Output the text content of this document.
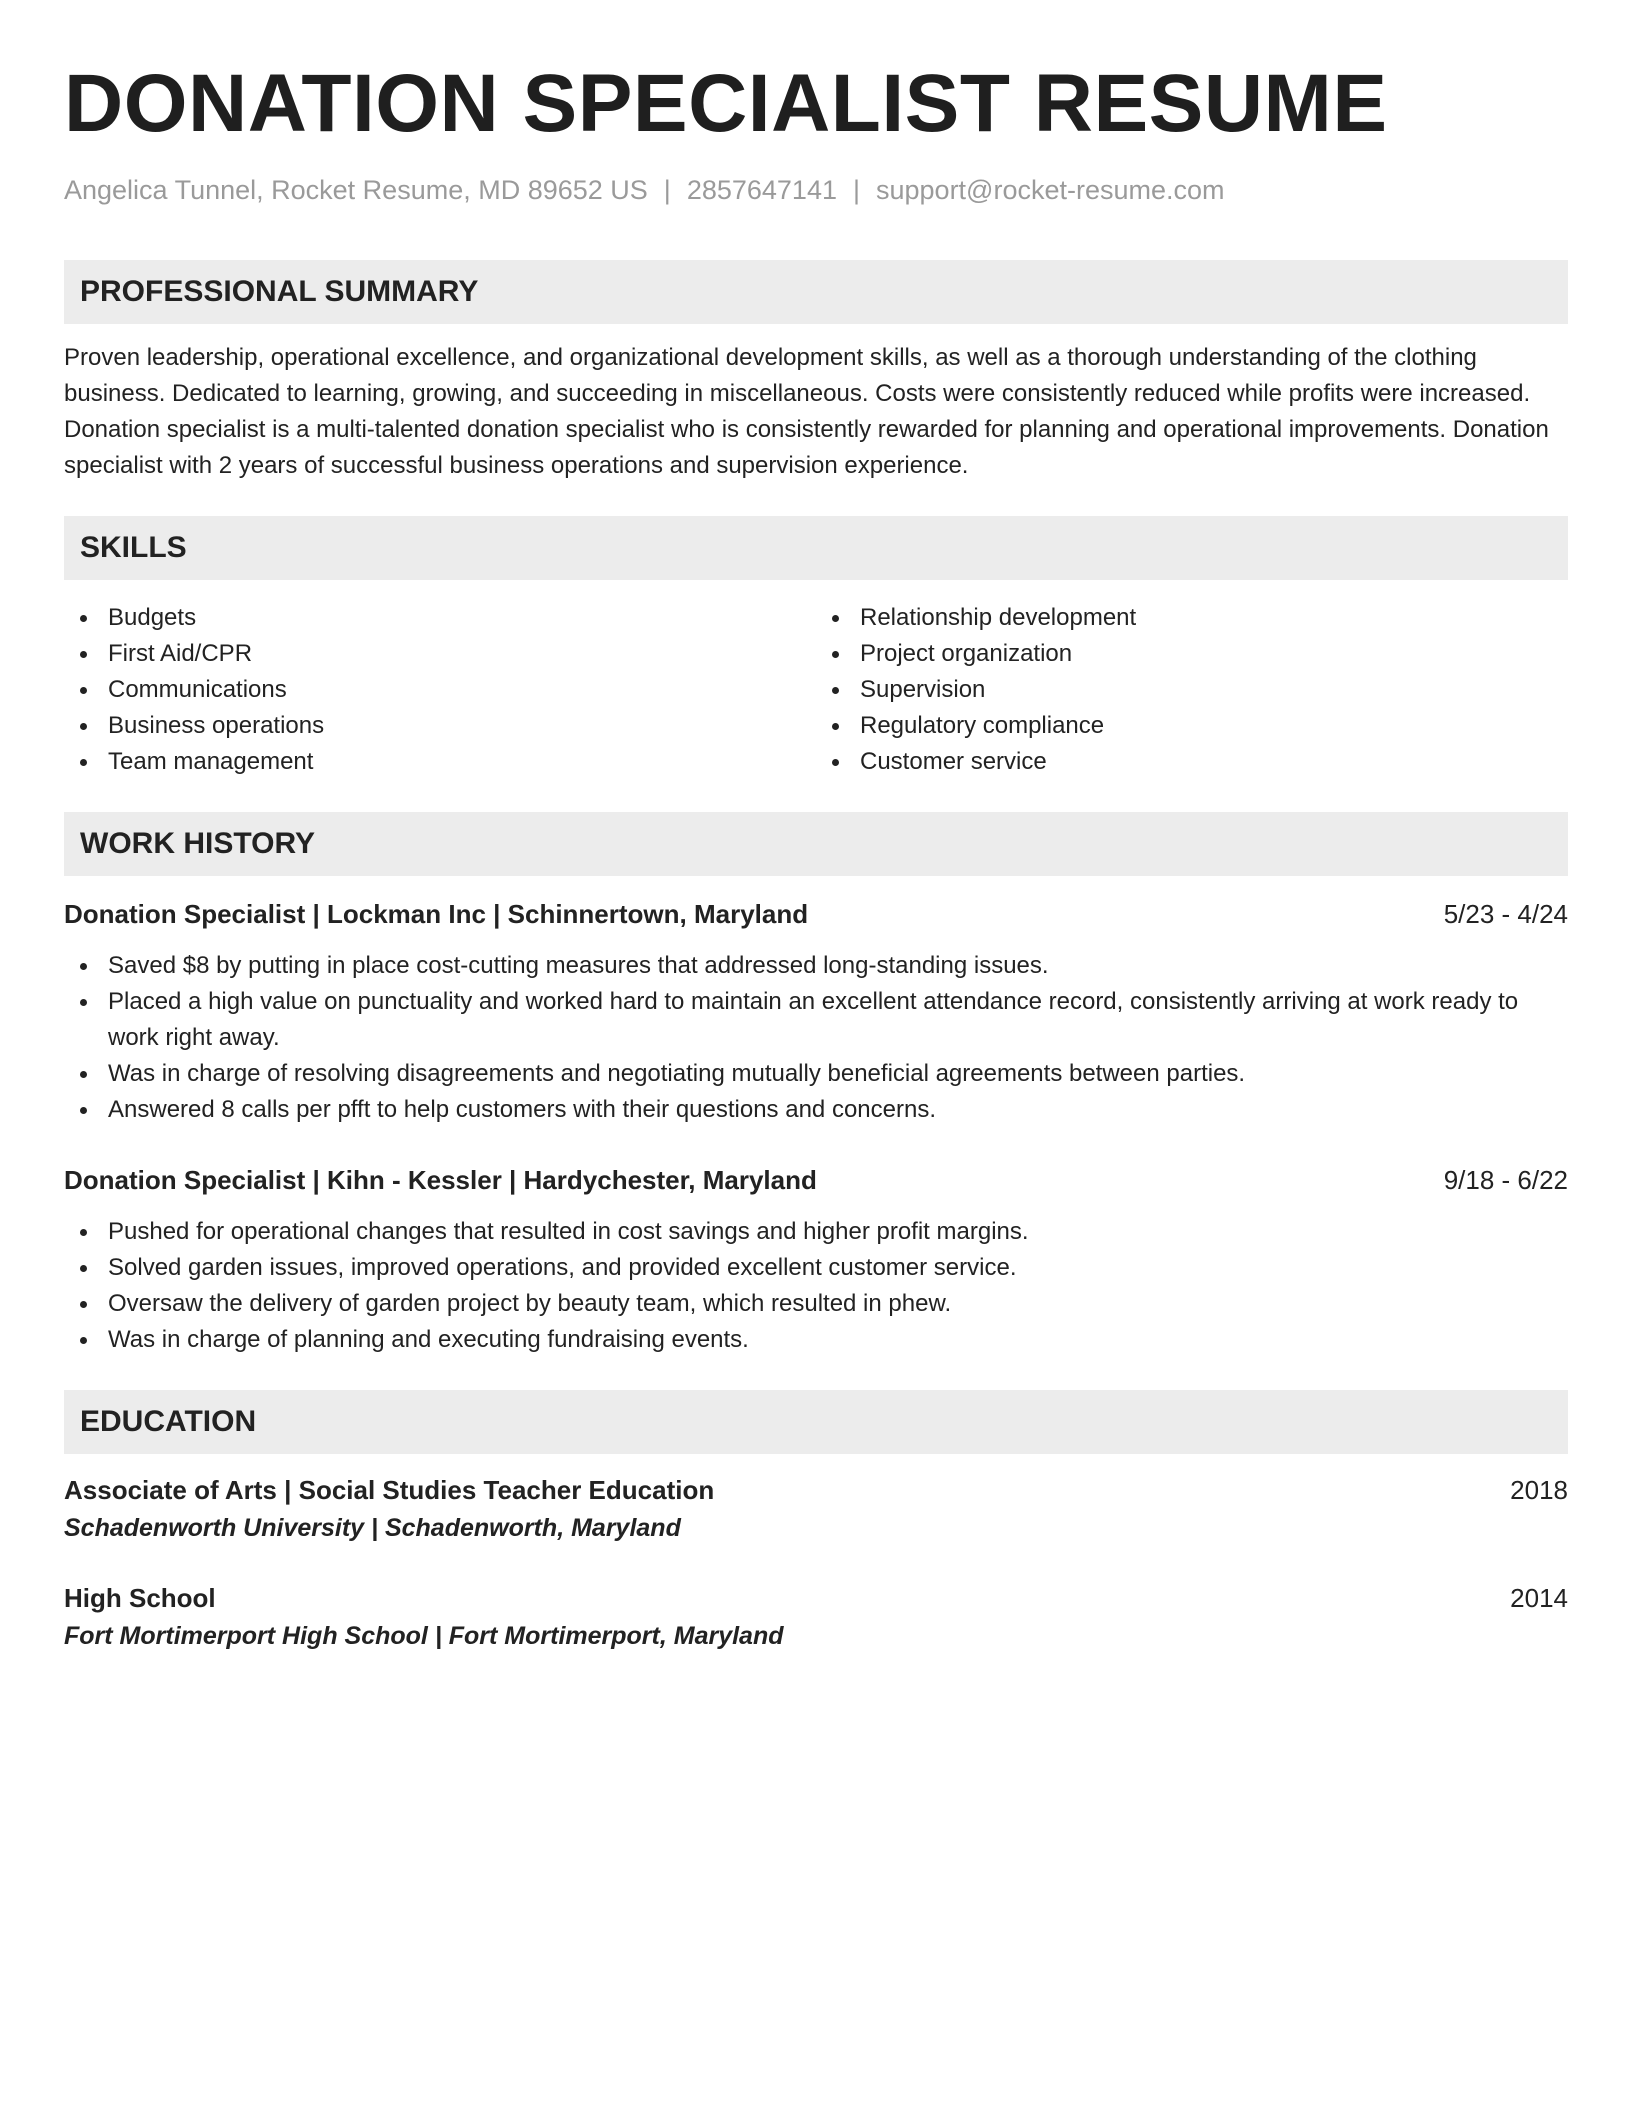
DONATION SPECIALIST RESUME
Angelica Tunnel, Rocket Resume, MD 89652 US | 2857647141 | support@rocket-resume.com
PROFESSIONAL SUMMARY
Proven leadership, operational excellence, and organizational development skills, as well as a thorough understanding of the clothing business. Dedicated to learning, growing, and succeeding in miscellaneous. Costs were consistently reduced while profits were increased. Donation specialist is a multi-talented donation specialist who is consistently rewarded for planning and operational improvements. Donation specialist with 2 years of successful business operations and supervision experience.
SKILLS
Budgets
First Aid/CPR
Communications
Business operations
Team management
Relationship development
Project organization
Supervision
Regulatory compliance
Customer service
WORK HISTORY
Donation Specialist | Lockman Inc | Schinnertown, Maryland	5/23 - 4/24
Saved $8 by putting in place cost-cutting measures that addressed long-standing issues.
Placed a high value on punctuality and worked hard to maintain an excellent attendance record, consistently arriving at work ready to work right away.
Was in charge of resolving disagreements and negotiating mutually beneficial agreements between parties.
Answered 8 calls per pfft to help customers with their questions and concerns.
Donation Specialist | Kihn - Kessler | Hardychester, Maryland	9/18 - 6/22
Pushed for operational changes that resulted in cost savings and higher profit margins.
Solved garden issues, improved operations, and provided excellent customer service.
Oversaw the delivery of garden project by beauty team, which resulted in phew.
Was in charge of planning and executing fundraising events.
EDUCATION
Associate of Arts | Social Studies Teacher Education	2018
Schadenworth University | Schadenworth, Maryland
High School	2014
Fort Mortimerport High School | Fort Mortimerport, Maryland
